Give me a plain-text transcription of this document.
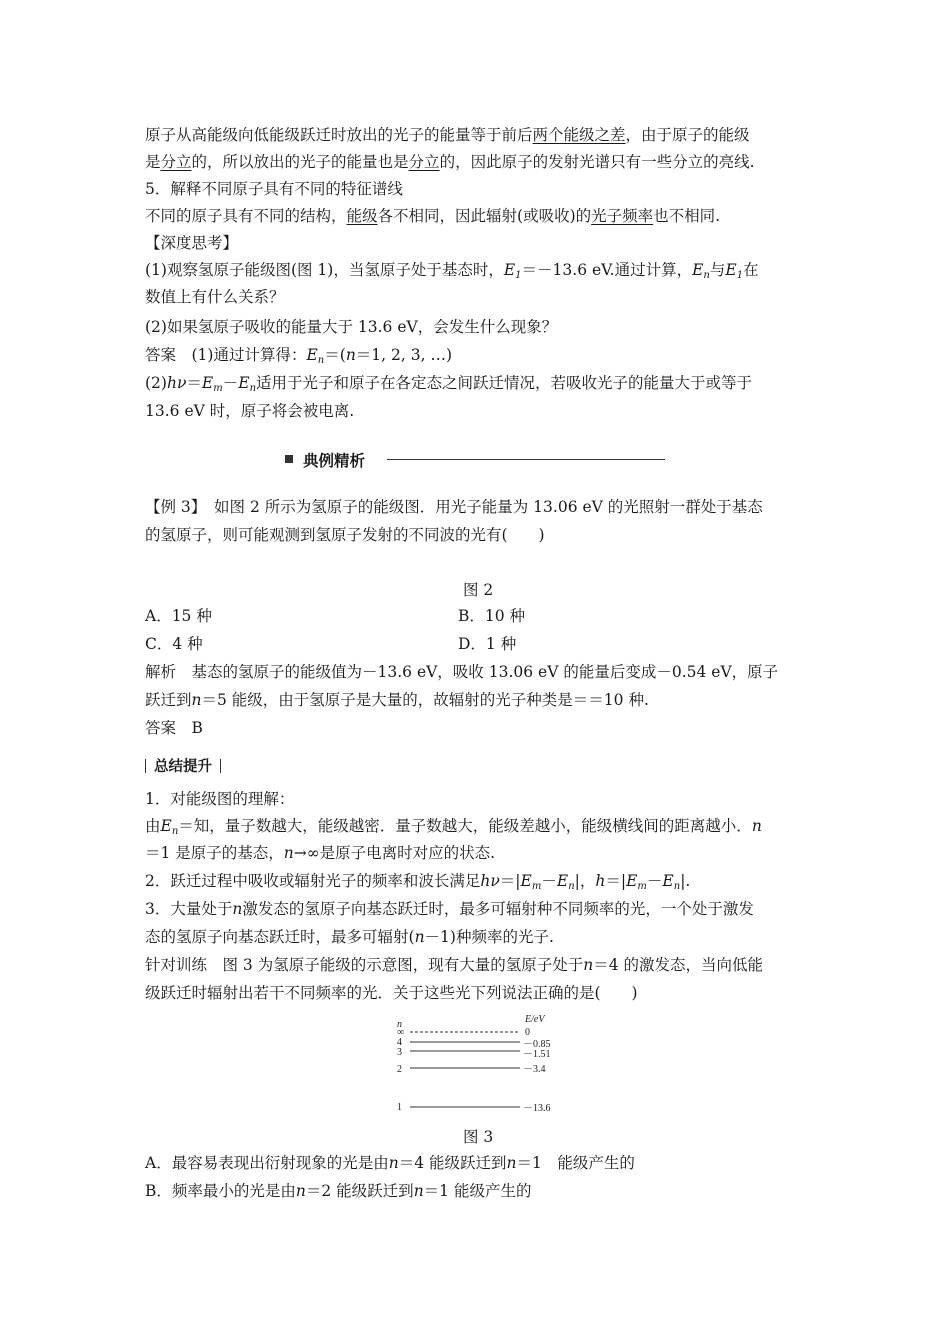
原子从高能级向低能级跃迁时放出的光子的能量等于前后两个能级之差，由于原子的能级
是分立的，所以放出的光子的能量也是分立的，因此原子的发射光谱只有一些分立的亮线.
5．解释不同原子具有不同的特征谱线
不同的原子具有不同的结构，能级各不相同，因此辐射(或吸收)的光子频率也不相同.
【深度思考】
(1)观察氢原子能级图(图 1)，当氢原子处于基态时，$E_1=-13.6$ eV.通过计算，$E_n$与$E_1$在
数值上有什么关系？
(2)如果氢原子吸收的能量大于 13.6 eV，会发生什么现象？
答案　(1)通过计算得：$E_n=(n=1$, 2, 3, …)
$(2)h\nu=E_m-E_n$适用于光子和原子在各定态之间跃迁情况，若吸收光子的能量大于或等于
13.6 eV 时，原子将会被电离.
典例精析
【例 3】　如图 2 所示为氢原子的能级图．用光子能量为 13.06 eV 的光照射一群处于基态
的氢原子，则可能观测到氢原子发射的不同波的光有(　　)
图 2
A．15 种	B．10 种
C．4 种	D．1 种
解析　基态的氢原子的能级值为－13.6 eV，吸收 13.06 eV 的能量后变成－0.54 eV，原子
跃迁到n＝5 能级，由于氢原子是大量的，故辐射的光子种类是＝＝10 种.
答案　B
总结提升
1．对能级图的理解：
由$E_n=$知，量子数越大，能级越密．量子数越大，能级差越小，能级横线间的距离越小．n
＝1 是原子的基态，n→∞是原子电离时对应的状态.
2．跃迁过程中吸收或辐射光子的频率和波长满足$h\nu=|E_m-E_n|$，$h=|E_m-E_n|$.
3．大量处于n激发态的氢原子向基态跃迁时，最多可辐射种不同频率的光，一个处于激发
态的氢原子向基态跃迁时，最多可辐射(n－1)种频率的光子.
针对训练　图 3 为氢原子能级的示意图，现有大量的氢原子处于n＝4 的激发态，当向低能
级跃迁时辐射出若干不同频率的光．关于这些光下列说法正确的是(　　)
图 3
A．最容易表现出衍射现象的光是由n＝4 能级跃迁到n＝1　能级产生的
B．频率最小的光是由n＝2 能级跃迁到n＝1 能级产生的
n	E/eV
∞	0
4	－0.85
3	－1.51
2	－3.4
1	－13.6
